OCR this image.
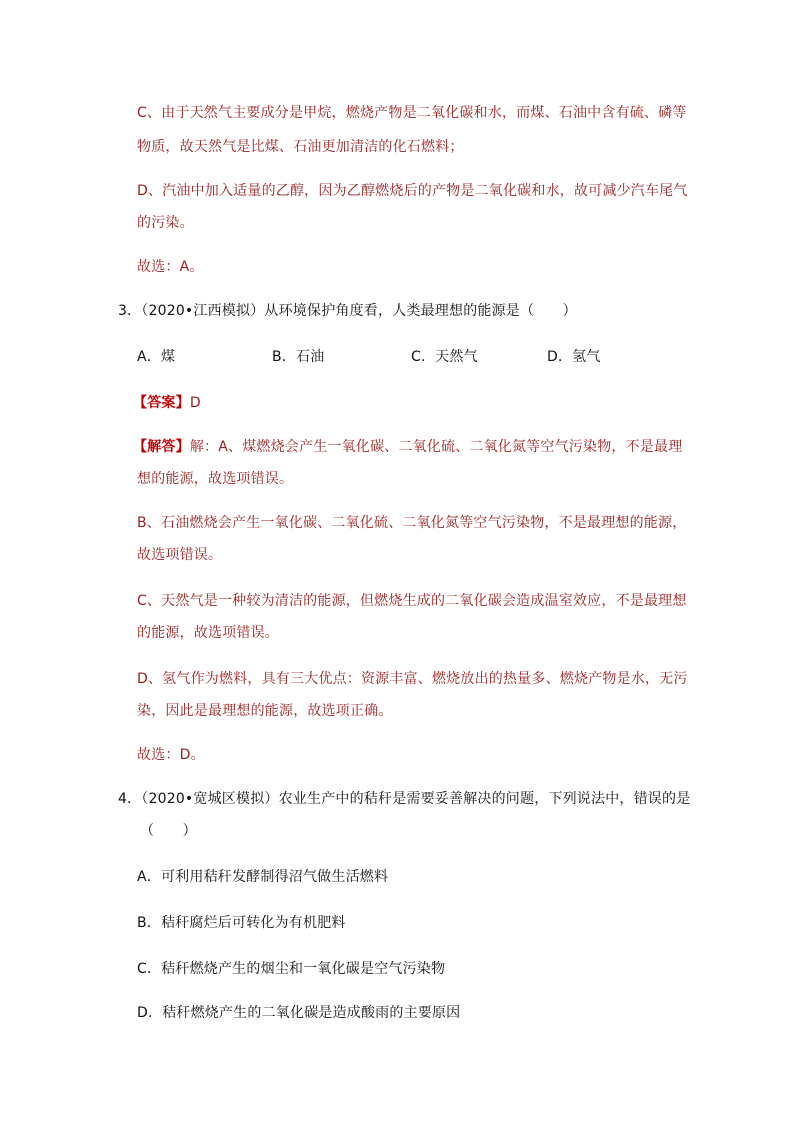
C、由于天然气主要成分是甲烷，燃烧产物是二氧化碳和水，而煤、石油中含有硫、磷等
物质，故天然气是比煤、石油更加清洁的化石燃料；
D、汽油中加入适量的乙醇，因为乙醇燃烧后的产物是二氧化碳和水，故可减少汽车尾气
的污染。
故选：A。
3．（2020•江西模拟）从环境保护角度看，人类最理想的能源是（　　）
A．煤	B．石油	C．天然气	D．氢气
【答案】D
【解答】解：A、煤燃烧会产生一氧化碳、二氧化硫、二氧化氮等空气污染物，不是最理
想的能源，故选项错误。
B、石油燃烧会产生一氧化碳、二氧化硫、二氧化氮等空气污染物，不是最理想的能源，
故选项错误。
C、天然气是一种较为清洁的能源，但燃烧生成的二氧化碳会造成温室效应，不是最理想
的能源，故选项错误。
D、氢气作为燃料，具有三大优点：资源丰富、燃烧放出的热量多、燃烧产物是水，无污
染，因此是最理想的能源，故选项正确。
故选：D。
4．（2020•宽城区模拟）农业生产中的秸秆是需要妥善解决的问题，下列说法中，错误的是
（　　）
A．可利用秸秆发酵制得沼气做生活燃料
B．秸秆腐烂后可转化为有机肥料
C．秸秆燃烧产生的烟尘和一氧化碳是空气污染物
D．秸秆燃烧产生的二氧化碳是造成酸雨的主要原因
